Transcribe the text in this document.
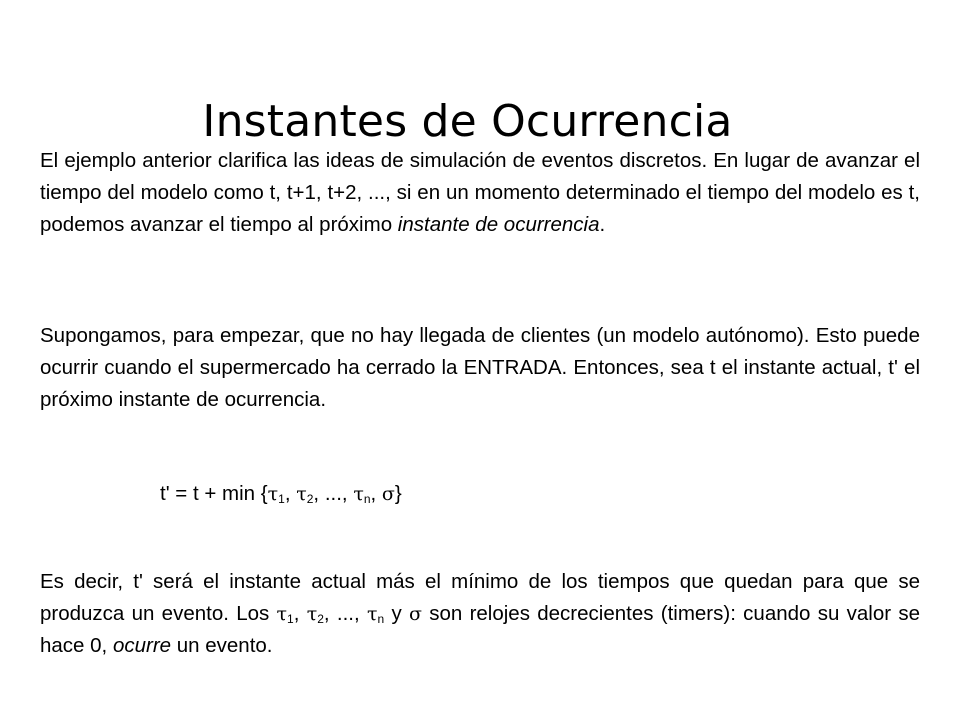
Instantes de Ocurrencia

El ejemplo anterior clarifica las ideas de simulación de eventos discretos. En lugar de avanzar el tiempo del modelo como t, t+1, t+2, ..., si en un momento determinado el tiempo del modelo es t, podemos avanzar el tiempo al próximo instante de ocurrencia.

Supongamos, para empezar, que no hay llegada de clientes (un modelo autónomo). Esto puede ocurrir cuando el supermercado ha cerrado la ENTRADA. Entonces, sea t el instante actual, t' el próximo instante de ocurrencia.

$t' = t + \min \{\tau_1$, $\tau_2$, ..., $\tau_n$, σ}

Es decir, t' será el instante actual más el mínimo de los tiempos que quedan para que se produzca un evento. Los $\tau_1$, $\tau_2$, ..., $\tau_n$ y σ son relojes decrecientes (timers): cuando su valor se hace 0, ocurre un evento.
